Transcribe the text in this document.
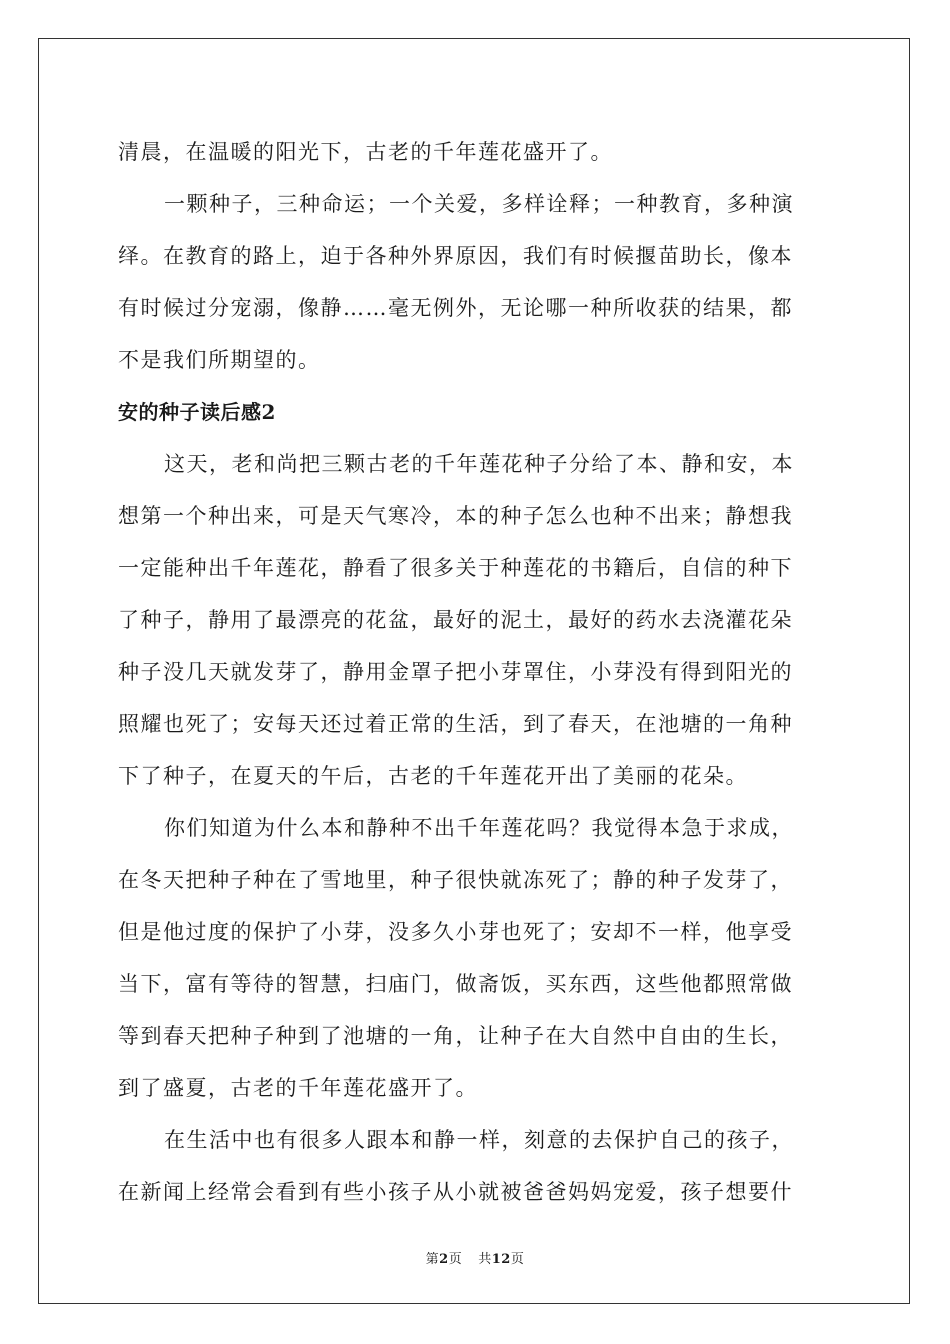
清晨，在温暖的阳光下，古老的千年莲花盛开了。

一颗种子，三种命运；一个关爱，多样诠释；一种教育，多种演
绎。在教育的路上，迫于各种外界原因，我们有时候揠苗助长，像本
有时候过分宠溺，像静……毫无例外，无论哪一种所收获的结果，都
不是我们所期望的。

安的种子读后感2

这天，老和尚把三颗古老的千年莲花种子分给了本、静和安，本
想第一个种出来，可是天气寒冷，本的种子怎么也种不出来；静想我
一定能种出千年莲花，静看了很多关于种莲花的书籍后，自信的种下
了种子，静用了最漂亮的花盆，最好的泥土，最好的药水去浇灌花朵
种子没几天就发芽了，静用金罩子把小芽罩住，小芽没有得到阳光的
照耀也死了；安每天还过着正常的生活，到了春天，在池塘的一角种
下了种子，在夏天的午后，古老的千年莲花开出了美丽的花朵。

你们知道为什么本和静种不出千年莲花吗？我觉得本急于求成，
在冬天把种子种在了雪地里，种子很快就冻死了；静的种子发芽了，
但是他过度的保护了小芽，没多久小芽也死了；安却不一样，他享受
当下，富有等待的智慧，扫庙门，做斋饭，买东西，这些他都照常做
等到春天把种子种到了池塘的一角，让种子在大自然中自由的生长，
到了盛夏，古老的千年莲花盛开了。

在生活中也有很多人跟本和静一样，刻意的去保护自己的孩子，
在新闻上经常会看到有些小孩子从小就被爸爸妈妈宠爱，孩子想要什

第2页 共12页
